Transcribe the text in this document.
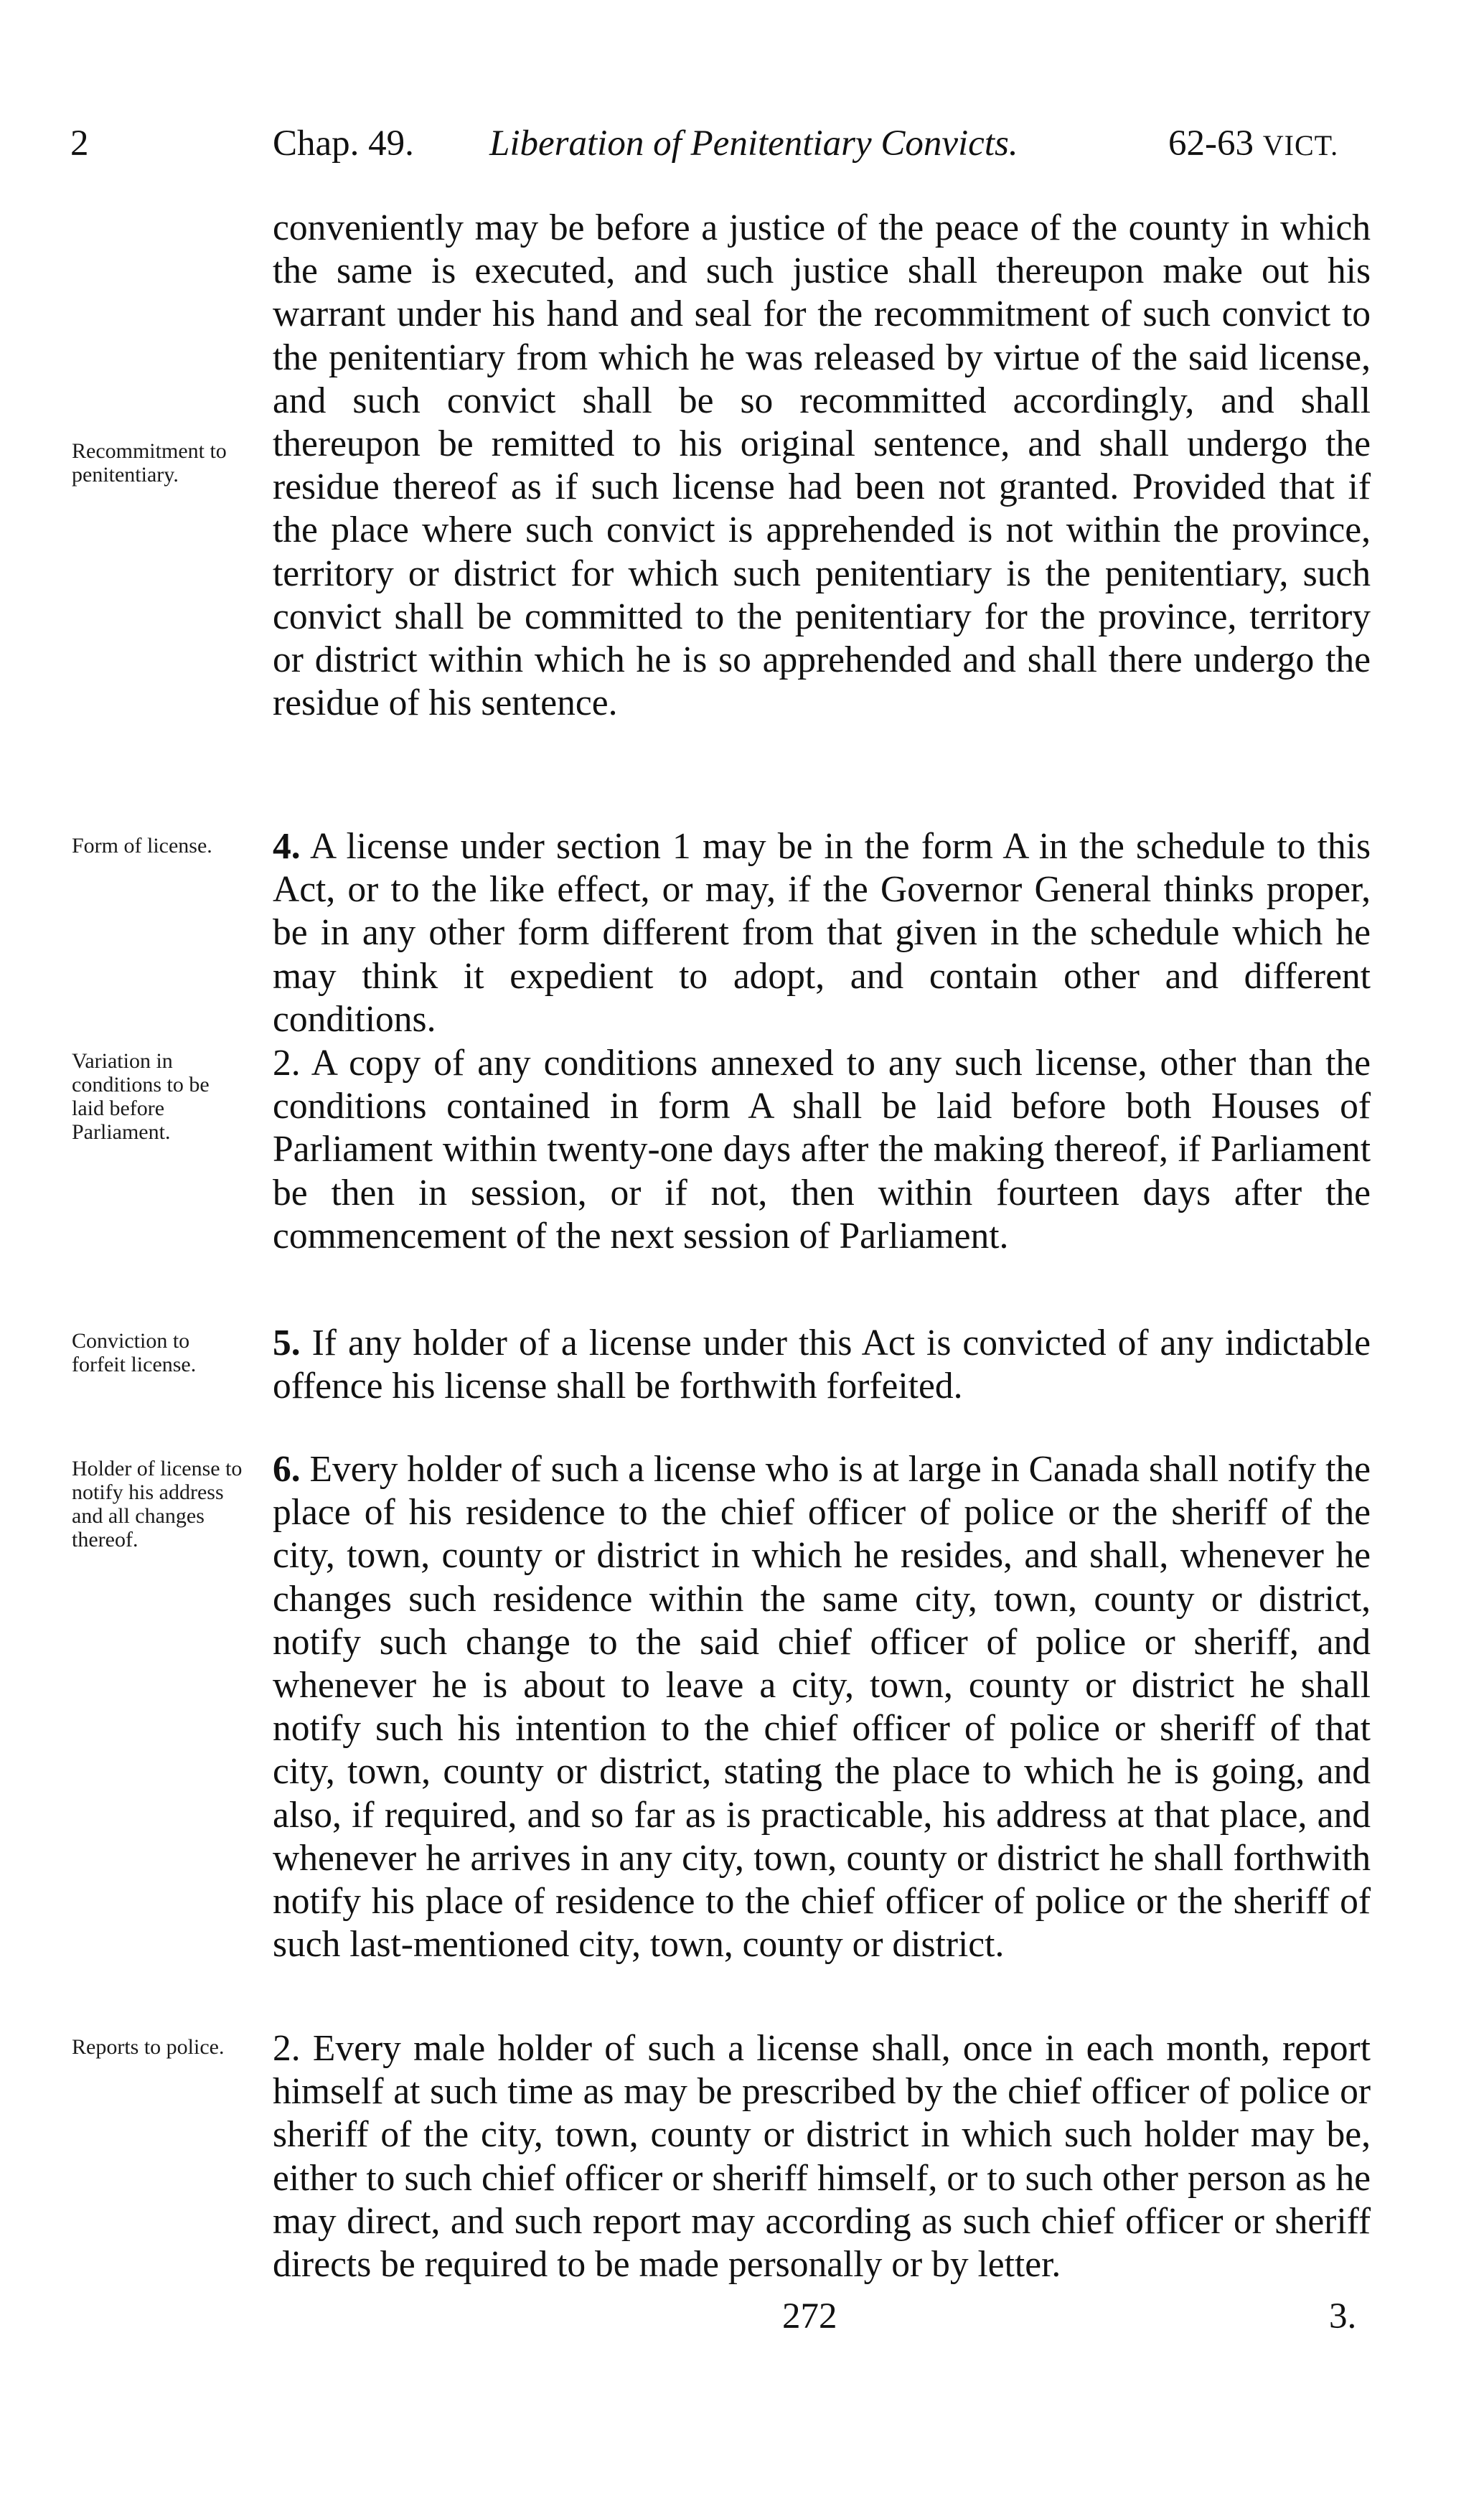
2	Chap. 49. Liberation of Penitentiary Convicts.	62-63 VICT.
conveniently may be before a justice of the peace of the county in which the same is executed, and such justice shall thereupon make out his warrant under his hand and seal for the recommitment of such convict to the penitentiary from which he was released by virtue of the said license, and such convict shall be so recommitted accordingly, and shall thereupon be remitted to his original sentence, and shall undergo the residue thereof as if such license had been not granted. Provided that if the place where such convict is apprehended is not within the province, territory or district for which such penitentiary is the penitentiary, such convict shall be committed to the penitentiary for the province, territory or district within which he is so apprehended and shall there undergo the residue of his sentence.
Recommitment to penitentiary.
4. A license under section 1 may be in the form A in the schedule to this Act, or to the like effect, or may, if the Governor General thinks proper, be in any other form different from that given in the schedule which he may think it expedient to adopt, and contain other and different conditions.
Form of license.
2. A copy of any conditions annexed to any such license, other than the conditions contained in form A shall be laid before both Houses of Parliament within twenty-one days after the making thereof, if Parliament be then in session, or if not, then within fourteen days after the commencement of the next session of Parliament.
Variation in conditions to be laid before Parliament.
5. If any holder of a license under this Act is convicted of any indictable offence his license shall be forthwith forfeited.
Conviction to forfeit license.
6. Every holder of such a license who is at large in Canada shall notify the place of his residence to the chief officer of police or the sheriff of the city, town, county or district in which he resides, and shall, whenever he changes such residence within the same city, town, county or district, notify such change to the said chief officer of police or sheriff, and whenever he is about to leave a city, town, county or district he shall notify such his intention to the chief officer of police or sheriff of that city, town, county or district, stating the place to which he is going, and also, if required, and so far as is practicable, his address at that place, and whenever he arrives in any city, town, county or district he shall forthwith notify his place of residence to the chief officer of police or the sheriff of such last-mentioned city, town, county or district.
Holder of license to notify his address and all changes thereof.
2. Every male holder of such a license shall, once in each month, report himself at such time as may be prescribed by the chief officer of police or sheriff of the city, town, county or district in which such holder may be, either to such chief officer or sheriff himself, or to such other person as he may direct, and such report may according as such chief officer or sheriff directs be required to be made personally or by letter.
Reports to police.
272	3.
